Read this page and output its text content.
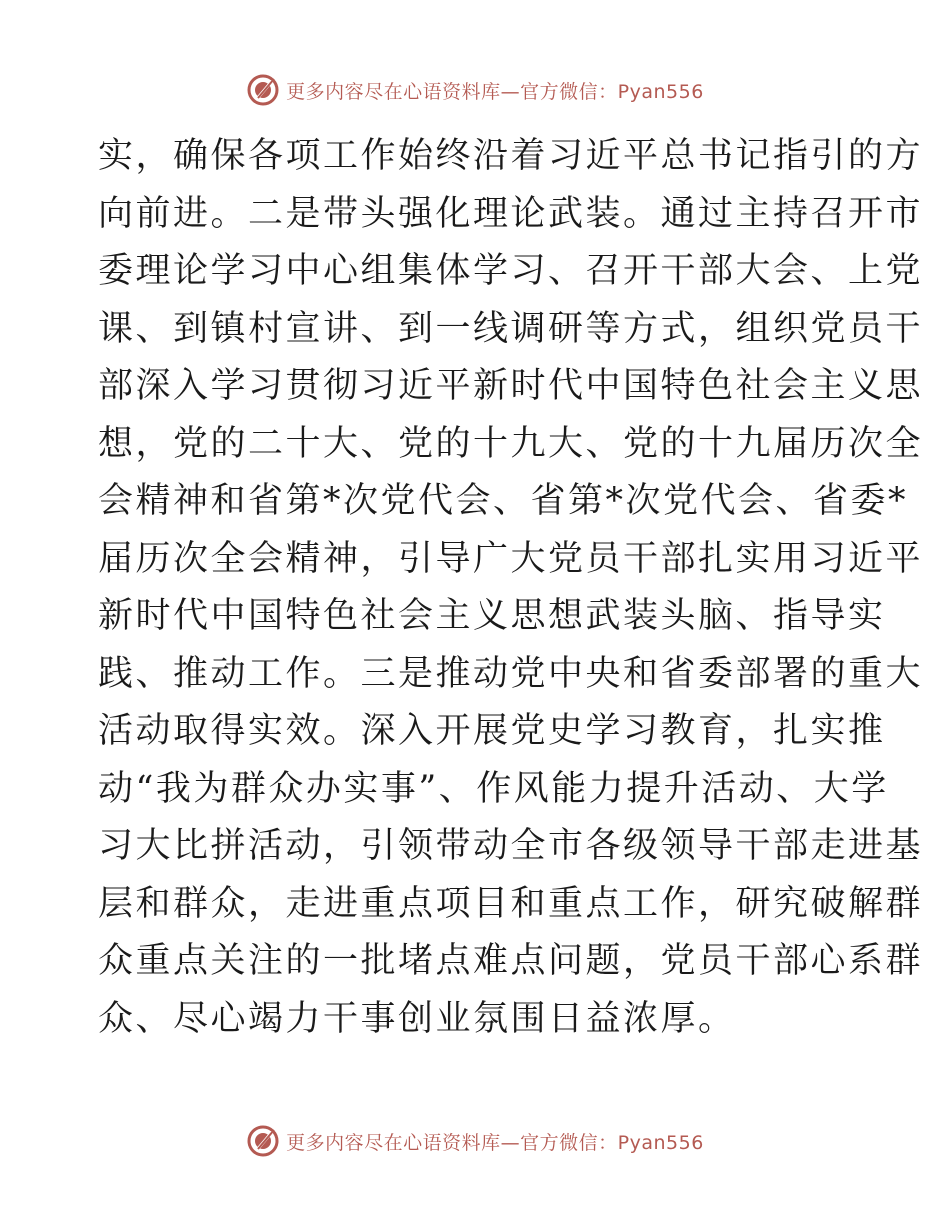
更多内容尽在心语资料库—官方微信：Pyan556
实，确保各项工作始终沿着习近平总书记指引的方
向前进。二是带头强化理论武装。通过主持召开市
委理论学习中心组集体学习、召开干部大会、上党
课、到镇村宣讲、到一线调研等方式，组织党员干
部深入学习贯彻习近平新时代中国特色社会主义思
想，党的二十大、党的十九大、党的十九届历次全
会精神和省第*次党代会、省第*次党代会、省委*
届历次全会精神，引导广大党员干部扎实用习近平
新时代中国特色社会主义思想武装头脑、指导实
践、推动工作。三是推动党中央和省委部署的重大
活动取得实效。深入开展党史学习教育，扎实推
动“我为群众办实事”、作风能力提升活动、大学
习大比拼活动，引领带动全市各级领导干部走进基
层和群众，走进重点项目和重点工作，研究破解群
众重点关注的一批堵点难点问题，党员干部心系群
众、尽心竭力干事创业氛围日益浓厚。
更多内容尽在心语资料库—官方微信：Pyan556
